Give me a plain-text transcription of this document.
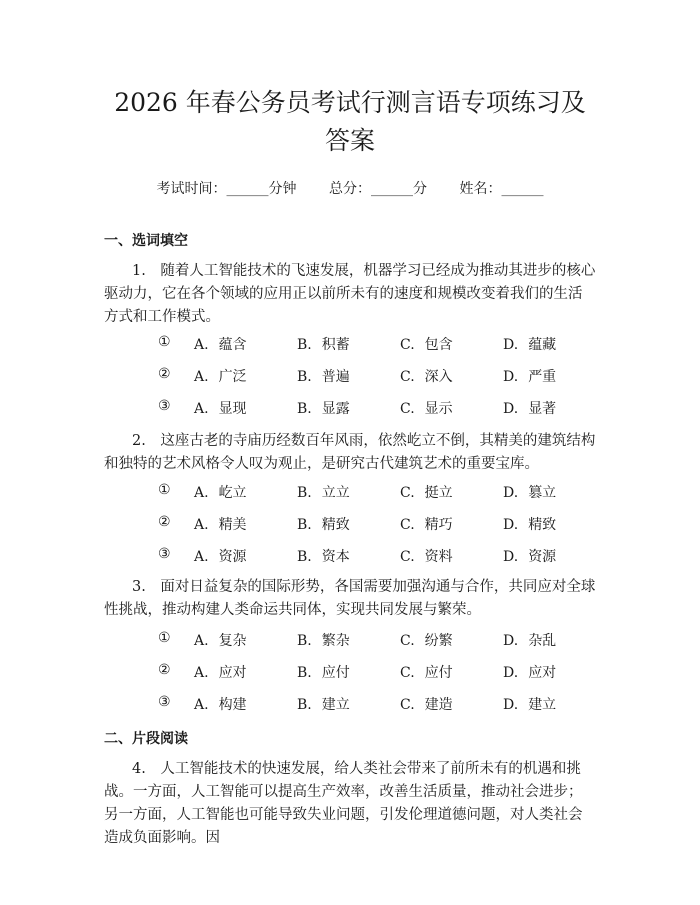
2026 年春公务员考试行测言语专项练习及答案
考试时间：______分钟 总分：______分 姓名：______
一、选词填空

1.　随着人工智能技术的飞速发展，机器学习已经成为推动其进步的核心驱动力，它在各个领域的应用正以前所未有的速度和规模改变着我们的生活方式和工作模式。

①	A. 蕴含	B. 积蓄	C. 包含	D. 蕴藏
②	A. 广泛	B. 普遍	C. 深入	D. 严重
③	A. 显现	B. 显露	C. 显示	D. 显著

2.　这座古老的寺庙历经数百年风雨，依然屹立不倒，其精美的建筑结构和独特的艺术风格令人叹为观止，是研究古代建筑艺术的重要宝库。

①	A. 屹立	B. 立立	C. 挺立	D. 篡立
②	A. 精美	B. 精致	C. 精巧	D. 精致
③	A. 资源	B. 资本	C. 资料	D. 资源

3.　面对日益复杂的国际形势，各国需要加强沟通与合作，共同应对全球性挑战，推动构建人类命运共同体，实现共同发展与繁荣。

①	A. 复杂	B. 繁杂	C. 纷繁	D. 杂乱
②	A. 应对	B. 应付	C. 应付	D. 应对
③	A. 构建	B. 建立	C. 建造	D. 建立
二、片段阅读

4.　人工智能技术的快速发展，给人类社会带来了前所未有的机遇和挑战。一方面，人工智能可以提高生产效率，改善生活质量，推动社会进步；另一方面，人工智能也可能导致失业问题，引发伦理道德问题，对人类社会造成负面影响。因
